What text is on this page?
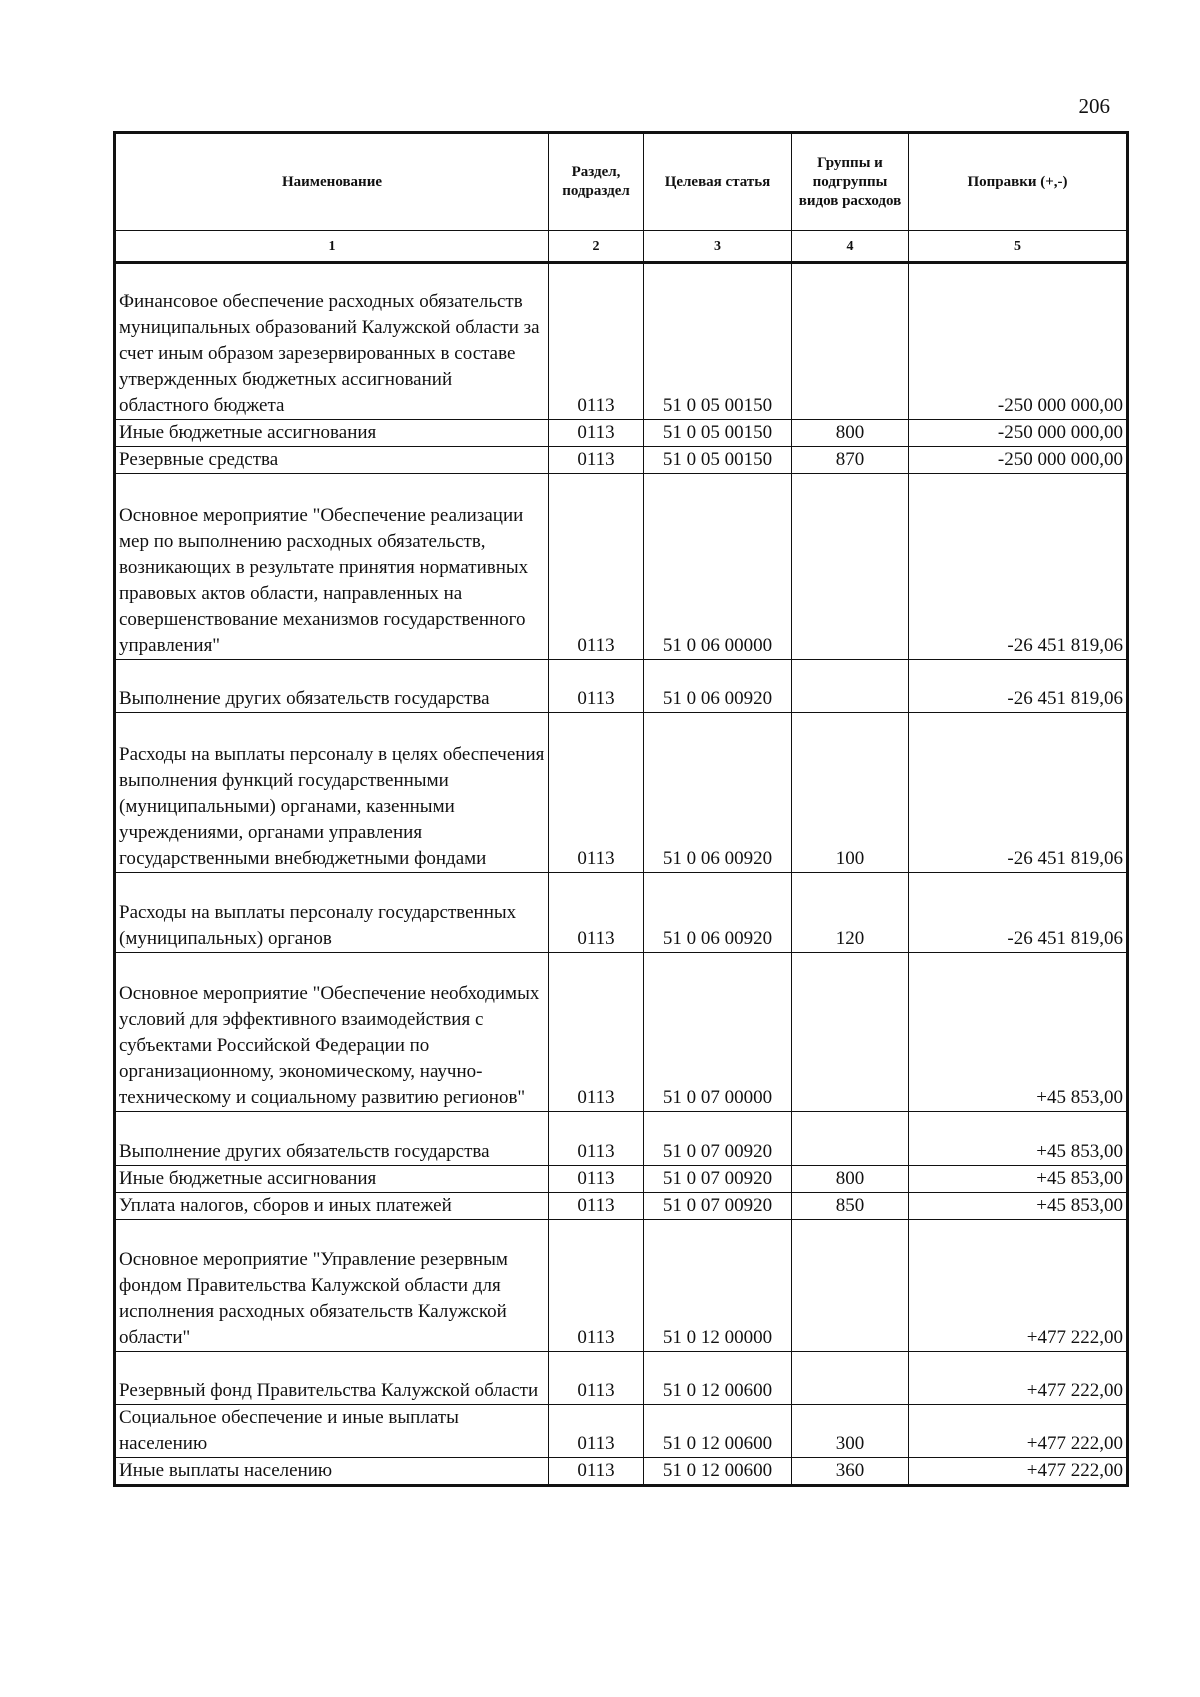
206
Наименование	Раздел, подраздел	Целевая статья	Группы и подгруппы видов расходов	Поправки (+,-)
1	2	3	4	5
Финансовое обеспечение расходных обязательств муниципальных образований Калужской области за счет иным образом зарезервированных в составе утвержденных бюджетных ассигнований областного бюджета	0113	51 0 05 00150		-250 000 000,00
Иные бюджетные ассигнования	0113	51 0 05 00150	800	-250 000 000,00
Резервные средства	0113	51 0 05 00150	870	-250 000 000,00
Основное мероприятие "Обеспечение реализации мер по выполнению расходных обязательств, возникающих в результате принятия нормативных правовых актов области, направленных на совершенствование механизмов государственного управления"	0113	51 0 06 00000		-26 451 819,06
Выполнение других обязательств государства	0113	51 0 06 00920		-26 451 819,06
Расходы на выплаты персоналу в целях обеспечения выполнения функций государственными (муниципальными) органами, казенными учреждениями, органами управления государственными внебюджетными фондами	0113	51 0 06 00920	100	-26 451 819,06
Расходы на выплаты персоналу государственных (муниципальных) органов	0113	51 0 06 00920	120	-26 451 819,06
Основное мероприятие "Обеспечение необходимых условий для эффективного взаимодействия с субъектами Российской Федерации по организационному, экономическому, научно-техническому и социальному развитию регионов"	0113	51 0 07 00000		+45 853,00
Выполнение других обязательств государства	0113	51 0 07 00920		+45 853,00
Иные бюджетные ассигнования	0113	51 0 07 00920	800	+45 853,00
Уплата налогов, сборов и иных платежей	0113	51 0 07 00920	850	+45 853,00
Основное мероприятие "Управление резервным фондом Правительства Калужской области для исполнения расходных обязательств Калужской области"	0113	51 0 12 00000		+477 222,00
Резервный фонд Правительства Калужской области	0113	51 0 12 00600		+477 222,00
Социальное обеспечение и иные выплаты населению	0113	51 0 12 00600	300	+477 222,00
Иные выплаты населению	0113	51 0 12 00600	360	+477 222,00
